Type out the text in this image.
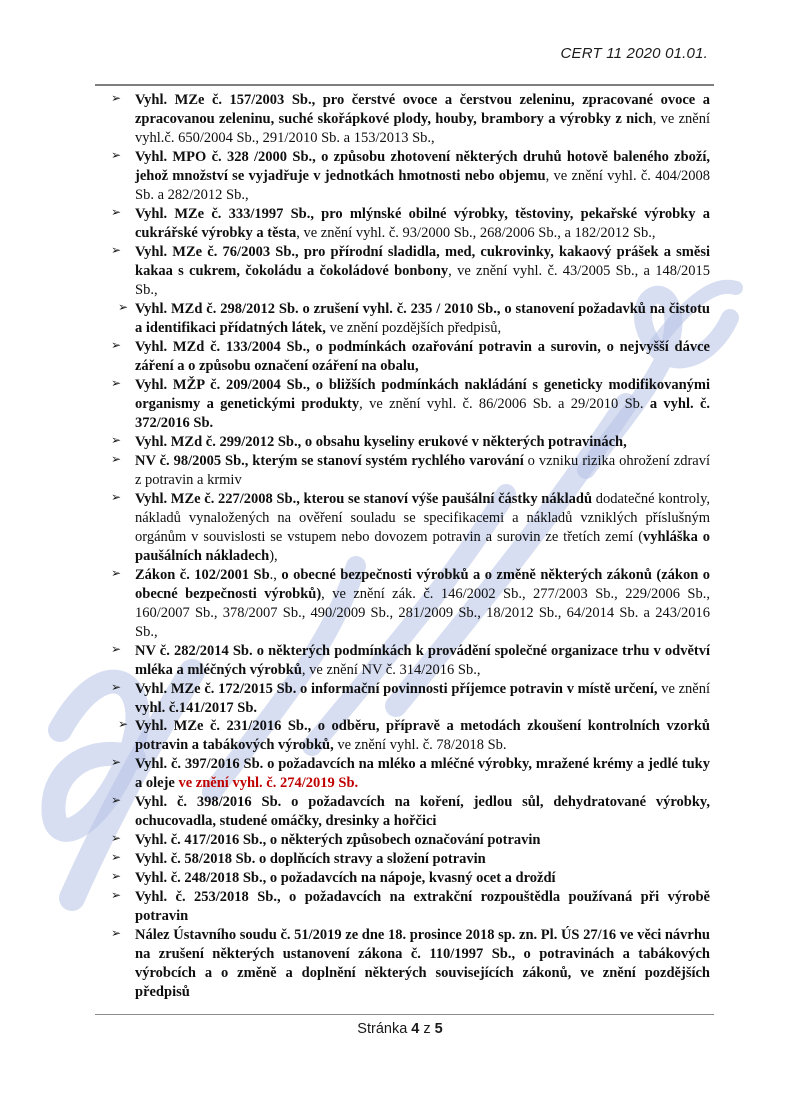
CERT 11 2020 01.01.
➢ Vyhl. MZe č. 157/2003 Sb., pro čerstvé ovoce a čerstvou zeleninu, zpracované ovoce a zpracovanou zeleninu, suché skořápkové plody, houby, brambory a výrobky z nich, ve znění vyhl.č. 650/2004 Sb., 291/2010 Sb. a 153/2013 Sb.,
➢ Vyhl. MPO č. 328 /2000 Sb., o způsobu zhotovení některých druhů hotově baleného zboží, jehož množství se vyjadřuje v jednotkách hmotnosti nebo objemu, ve znění vyhl. č. 404/2008 Sb. a 282/2012 Sb.,
➢ Vyhl. MZe č. 333/1997 Sb., pro mlýnské obilné výrobky, těstoviny, pekařské výrobky a cukrářské výrobky a těsta, ve znění vyhl. č. 93/2000 Sb., 268/2006 Sb., a 182/2012 Sb.,
➢ Vyhl. MZe č. 76/2003 Sb., pro přírodní sladidla, med, cukrovinky, kakaový prášek a směsi kakaa s cukrem, čokoládu a čokoládové bonbony, ve znění vyhl. č. 43/2005 Sb., a 148/2015 Sb.,
➢ Vyhl. MZd č. 298/2012 Sb. o zrušení vyhl. č. 235 / 2010 Sb., o stanovení požadavků na čistotu a identifikaci přídatných látek, ve znění pozdějších předpisů,
➢ Vyhl. MZd č. 133/2004 Sb., o podmínkách ozařování potravin a surovin, o nejvyšší dávce záření a o způsobu označení ozáření na obalu,
➢ Vyhl. MŽP č. 209/2004 Sb., o bližších podmínkách nakládání s geneticky modifikovanými organismy a genetickými produkty, ve znění vyhl. č. 86/2006 Sb. a 29/2010 Sb. a vyhl. č. 372/2016 Sb.
➢ Vyhl. MZd č. 299/2012 Sb., o obsahu kyseliny erukové v některých potravinách,
➢ NV č. 98/2005 Sb., kterým se stanoví systém rychlého varování o vzniku rizika ohrožení zdraví z potravin a krmiv
➢ Vyhl. MZe č. 227/2008 Sb., kterou se stanoví výše paušální částky nákladů dodatečné kontroly, nákladů vynaložených na ověření souladu se specifikacemi a nákladů vzniklých příslušným orgánům v souvislosti se vstupem nebo dovozem potravin a surovin ze třetích zemí (vyhláška o paušálních nákladech),
➢ Zákon č. 102/2001 Sb., o obecné bezpečnosti výrobků a o změně některých zákonů (zákon o obecné bezpečnosti výrobků), ve znění zák. č. 146/2002 Sb., 277/2003 Sb., 229/2006 Sb., 160/2007 Sb., 378/2007 Sb., 490/2009 Sb., 281/2009 Sb., 18/2012 Sb., 64/2014 Sb. a 243/2016 Sb.,
➢ NV č. 282/2014 Sb. o některých podmínkách k provádění společné organizace trhu v odvětví mléka a mléčných výrobků, ve znění NV č. 314/2016 Sb.,
➢ Vyhl. MZe č. 172/2015 Sb. o informační povinnosti příjemce potravin v místě určení, ve znění vyhl. č.141/2017 Sb.
➢ Vyhl. MZe č. 231/2016 Sb., o odběru, přípravě a metodách zkoušení kontrolních vzorků potravin a tabákových výrobků, ve znění vyhl. č. 78/2018 Sb.
➢ Vyhl. č. 397/2016 Sb. o požadavcích na mléko a mléčné výrobky, mražené krémy a jedlé tuky a oleje ve znění vyhl. č. 274/2019 Sb.
➢ Vyhl. č. 398/2016 Sb. o požadavcích na koření, jedlou sůl, dehydratované výrobky, ochucovadla, studené omáčky, dresinky a hořčici
➢ Vyhl. č. 417/2016 Sb., o některých způsobech označování potravin
➢ Vyhl. č. 58/2018 Sb. o doplňcích stravy a složení potravin
➢ Vyhl. č. 248/2018 Sb., o požadavcích na nápoje, kvasný ocet a droždí
➢ Vyhl. č. 253/2018 Sb., o požadavcích na extrakční rozpouštědla používaná při výrobě potravin
➢ Nález Ústavního soudu č. 51/2019 ze dne 18. prosince 2018 sp. zn. Pl. ÚS 27/16 ve věci návrhu na zrušení některých ustanovení zákona č. 110/1997 Sb., o potravinách a tabákových výrobcích a o změně a doplnění některých souvisejících zákonů, ve znění pozdějších předpisů
Stránka 4 z 5
